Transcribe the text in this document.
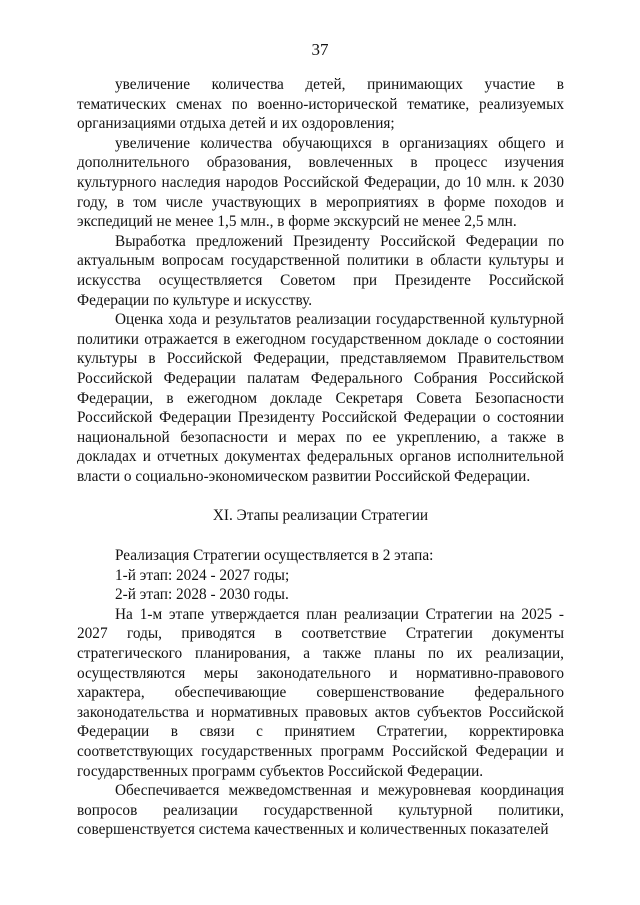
37

увеличение количества детей, принимающих участие в тематических сменах по военно-исторической тематике, реализуемых организациями отдыха детей и их оздоровления;

увеличение количества обучающихся в организациях общего и дополнительного образования, вовлеченных в процесс изучения культурного наследия народов Российской Федерации, до 10 млн. к 2030 году, в том числе участвующих в мероприятиях в форме походов и экспедиций не менее 1,5 млн., в форме экскурсий не менее 2,5 млн.

Выработка предложений Президенту Российской Федерации по актуальным вопросам государственной политики в области культуры и искусства осуществляется Советом при Президенте Российской Федерации по культуре и искусству.

Оценка хода и результатов реализации государственной культурной политики отражается в ежегодном государственном докладе о состоянии культуры в Российской Федерации, представляемом Правительством Российской Федерации палатам Федерального Собрания Российской Федерации, в ежегодном докладе Секретаря Совета Безопасности Российской Федерации Президенту Российской Федерации о состоянии национальной безопасности и мерах по ее укреплению, а также в докладах и отчетных документах федеральных органов исполнительной власти о социально-экономическом развитии Российской Федерации.

XI. Этапы реализации Стратегии

Реализация Стратегии осуществляется в 2 этапа:

1-й этап: 2024 - 2027 годы;

2-й этап: 2028 - 2030 годы.

На 1-м этапе утверждается план реализации Стратегии на 2025 - 2027 годы, приводятся в соответствие Стратегии документы стратегического планирования, а также планы по их реализации, осуществляются меры законодательного и нормативно-правового характера, обеспечивающие совершенствование федерального законодательства и нормативных правовых актов субъектов Российской Федерации в связи с принятием Стратегии, корректировка соответствующих государственных программ Российской Федерации и государственных программ субъектов Российской Федерации.

Обеспечивается межведомственная и межуровневая координация вопросов реализации государственной культурной политики, совершенствуется система качественных и количественных показателей
